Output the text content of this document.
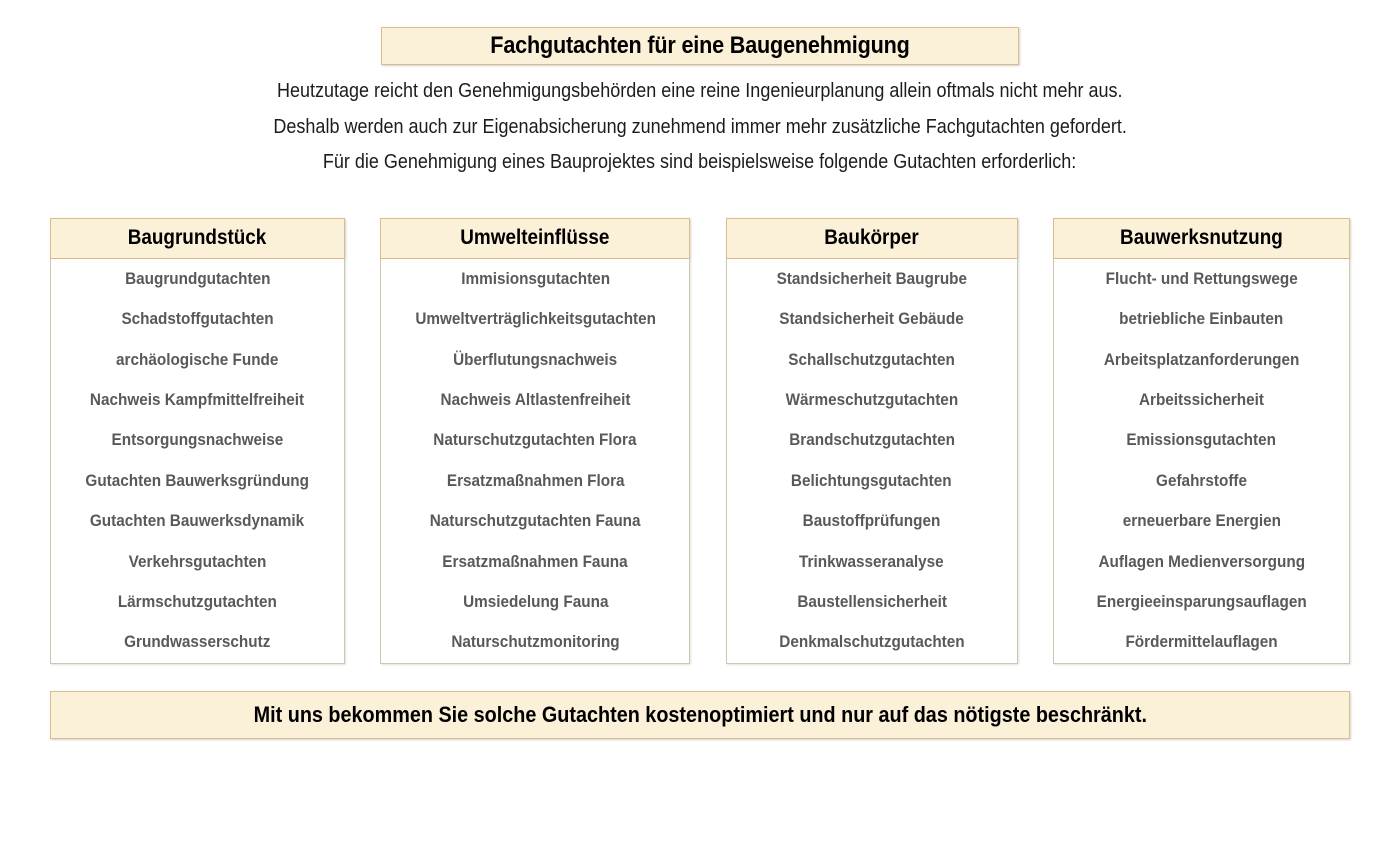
Fachgutachten für eine Baugenehmigung

Heutzutage reicht den Genehmigungsbehörden eine reine Ingenieurplanung allein oftmals nicht mehr aus.

Deshalb werden auch zur Eigenabsicherung zunehmend immer mehr zusätzliche Fachgutachten gefordert.

Für die Genehmigung eines Bauprojektes sind beispielsweise folgende Gutachten erforderlich:

Baugrundstück
Baugrundgutachten
Schadstoffgutachten
archäologische Funde
Nachweis Kampfmittelfreiheit
Entsorgungsnachweise
Gutachten Bauwerksgründung
Gutachten Bauwerksdynamik
Verkehrsgutachten
Lärmschutzgutachten
Grundwasserschutz
Umwelteinflüsse
Immisionsgutachten
Umweltverträglichkeitsgutachten
Überflutungsnachweis
Nachweis Altlastenfreiheit
Naturschutzgutachten Flora
Ersatzmaßnahmen Flora
Naturschutzgutachten Fauna
Ersatzmaßnahmen Fauna
Umsiedelung Fauna
Naturschutzmonitoring
Baukörper
Standsicherheit Baugrube
Standsicherheit Gebäude
Schallschutzgutachten
Wärmeschutzgutachten
Brandschutzgutachten
Belichtungsgutachten
Baustoffprüfungen
Trinkwasseranalyse
Baustellensicherheit
Denkmalschutzgutachten
Bauwerksnutzung
Flucht- und Rettungswege
betriebliche Einbauten
Arbeitsplatzanforderungen
Arbeitssicherheit
Emissionsgutachten
Gefahrstoffe
erneuerbare Energien
Auflagen Medienversorgung
Energieeinsparungsauflagen
Fördermittelauflagen
Mit uns bekommen Sie solche Gutachten kostenoptimiert und nur auf das nötigste beschränkt.
